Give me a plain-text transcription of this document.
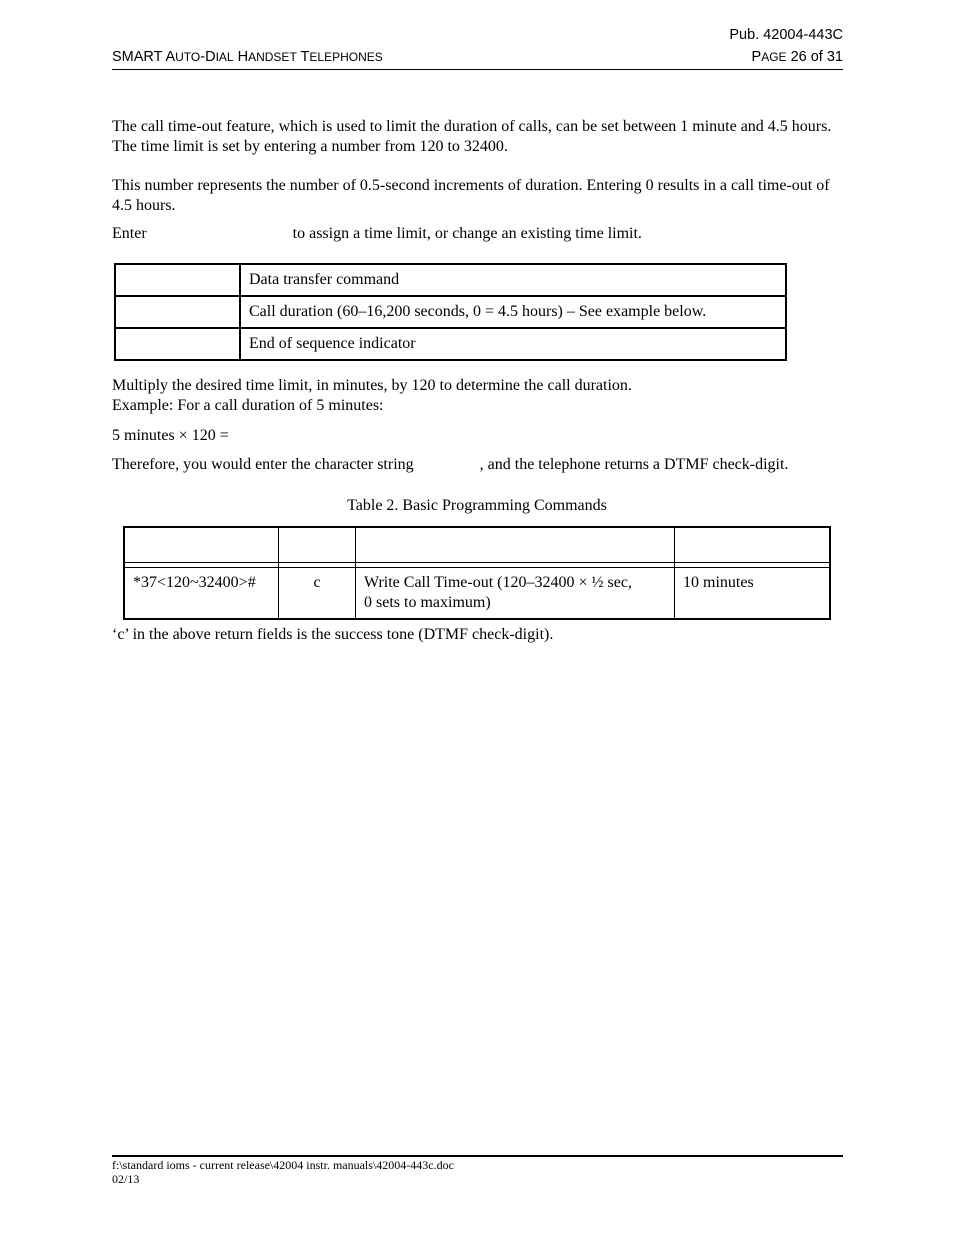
Pub. 42004-443C
SMART AUTO-DIAL HANDSET TELEPHONES	PAGE 26 of 31
The call time-out feature, which is used to limit the duration of calls, can be set between 1 minute and 4.5 hours. The time limit is set by entering a number from 120 to 32400.
This number represents the number of 0.5-second increments of duration. Entering 0 results in a call time-out of 4.5 hours.
Enter	to assign a time limit, or change an existing time limit.
	Data transfer command
	Call duration (60–16,200 seconds, 0 = 4.5 hours) – See example below.
	End of sequence indicator
Multiply the desired time limit, in minutes, by 120 to determine the call duration.
Example: For a call duration of 5 minutes:
5 minutes × 120 =
Therefore, you would enter the character string	, and the telephone returns a DTMF check-digit.
Table 2. Basic Programming Commands

*37<120~32400>#	c	Write Call Time-out (120–32400 × ½ sec,
0 sets to maximum)	10 minutes
‘c’ in the above return fields is the success tone (DTMF check-digit).
f:\standard ioms - current release\42004 instr. manuals\42004-443c.doc
02/13
